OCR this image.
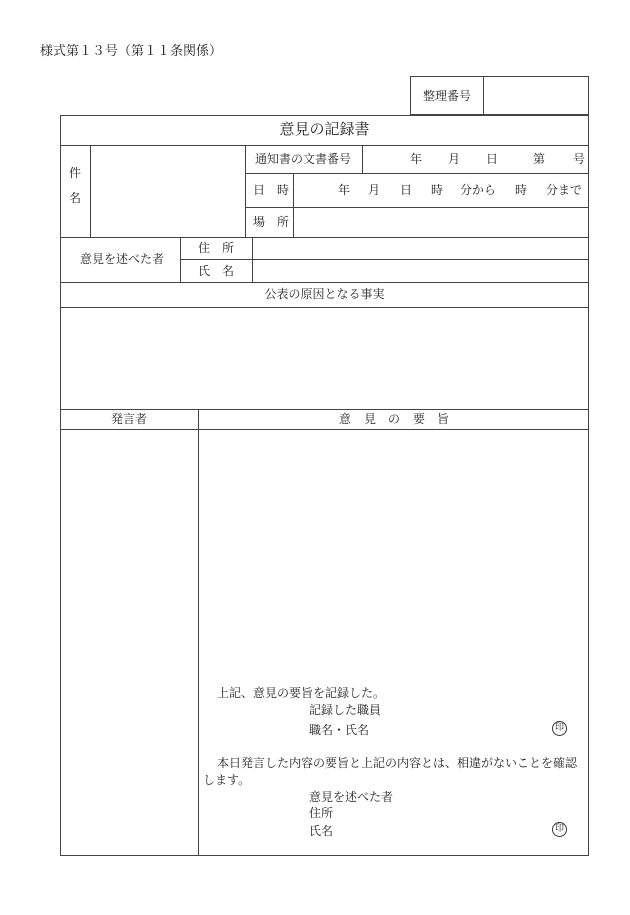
様式第１３号（第１１条関係）
整理番号
意見の記録書
件
名
通知書の文書番号	年 月 日	第 号
日 時	年 月 日 時 分から 時 分まで
場 所
意見を述べた者
住 所
氏 名
公表の原因となる事実
発言者	意 見 の 要 旨
上記、意見の要旨を記録した。
記録した職員
職名・氏名	印
本日発言した内容の要旨と上記の内容とは、相違がないことを確認
します。
意見を述べた者
住所
氏名	印
